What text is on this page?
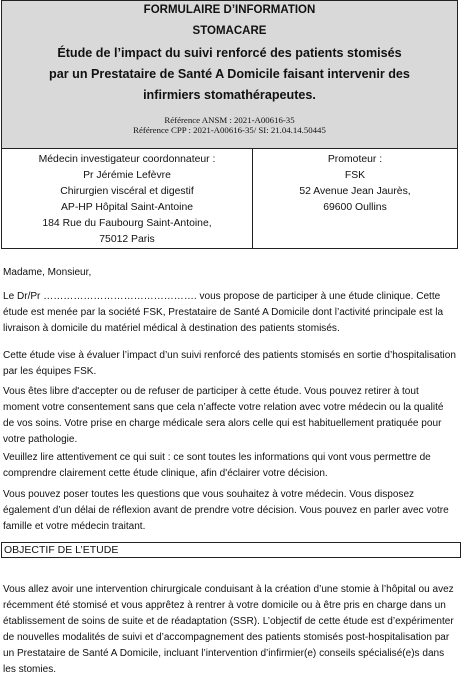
FORMULAIRE D’INFORMATION
STOMACARE
Étude de l’impact du suivi renforcé des patients stomisés
par un Prestataire de Santé A Domicile faisant intervenir des
infirmiers stomathérapeutes.
Référence ANSM : 2021-A00616-35
Référence CPP : 2021-A00616-35/ SI: 21.04.14.50445
Médecin investigateur coordonnateur :
Pr Jérémie Lefèvre
Chirurgien viscéral et digestif
AP-HP Hôpital Saint-Antoine
184 Rue du Faubourg Saint-Antoine,
75012 Paris
Promoteur :
FSK
52 Avenue Jean Jaurès,
69600 Oullins

Madame, Monsieur,

Le Dr/Pr ………………………………………. vous propose de participer à une étude clinique. Cette étude est menée par la société FSK, Prestataire de Santé A Domicile dont l’activité principale est la livraison à domicile du matériel médical à destination des patients stomisés.

Cette étude vise à évaluer l’impact d’un suivi renforcé des patients stomisés en sortie d’hospitalisation par les équipes FSK.

Vous êtes libre d'accepter ou de refuser de participer à cette étude. Vous pouvez retirer à tout moment votre consentement sans que cela n’affecte votre relation avec votre médecin ou la qualité de vos soins. Votre prise en charge médicale sera alors celle qui est habituellement pratiquée pour votre pathologie.

Veuillez lire attentivement ce qui suit : ce sont toutes les informations qui vont vous permettre de comprendre clairement cette étude clinique, afin d'éclairer votre décision.

Vous pouvez poser toutes les questions que vous souhaitez à votre médecin. Vous disposez également d’un délai de réflexion avant de prendre votre décision. Vous pouvez en parler avec votre famille et votre médecin traitant.

OBJECTIF DE L’ETUDE

Vous allez avoir une intervention chirurgicale conduisant à la création d’une stomie à l’hôpital ou avez récemment été stomisé et vous apprêtez à rentrer à votre domicile ou à être pris en charge dans un établissement de soins de suite et de réadaptation (SSR). L’objectif de cette étude est d’expérimenter de nouvelles modalités de suivi et d’accompagnement des patients stomisés post-hospitalisation par un Prestataire de Santé A Domicile, incluant l’intervention d’infirmier(e) conseils spécialisé(e)s dans les stomies.
